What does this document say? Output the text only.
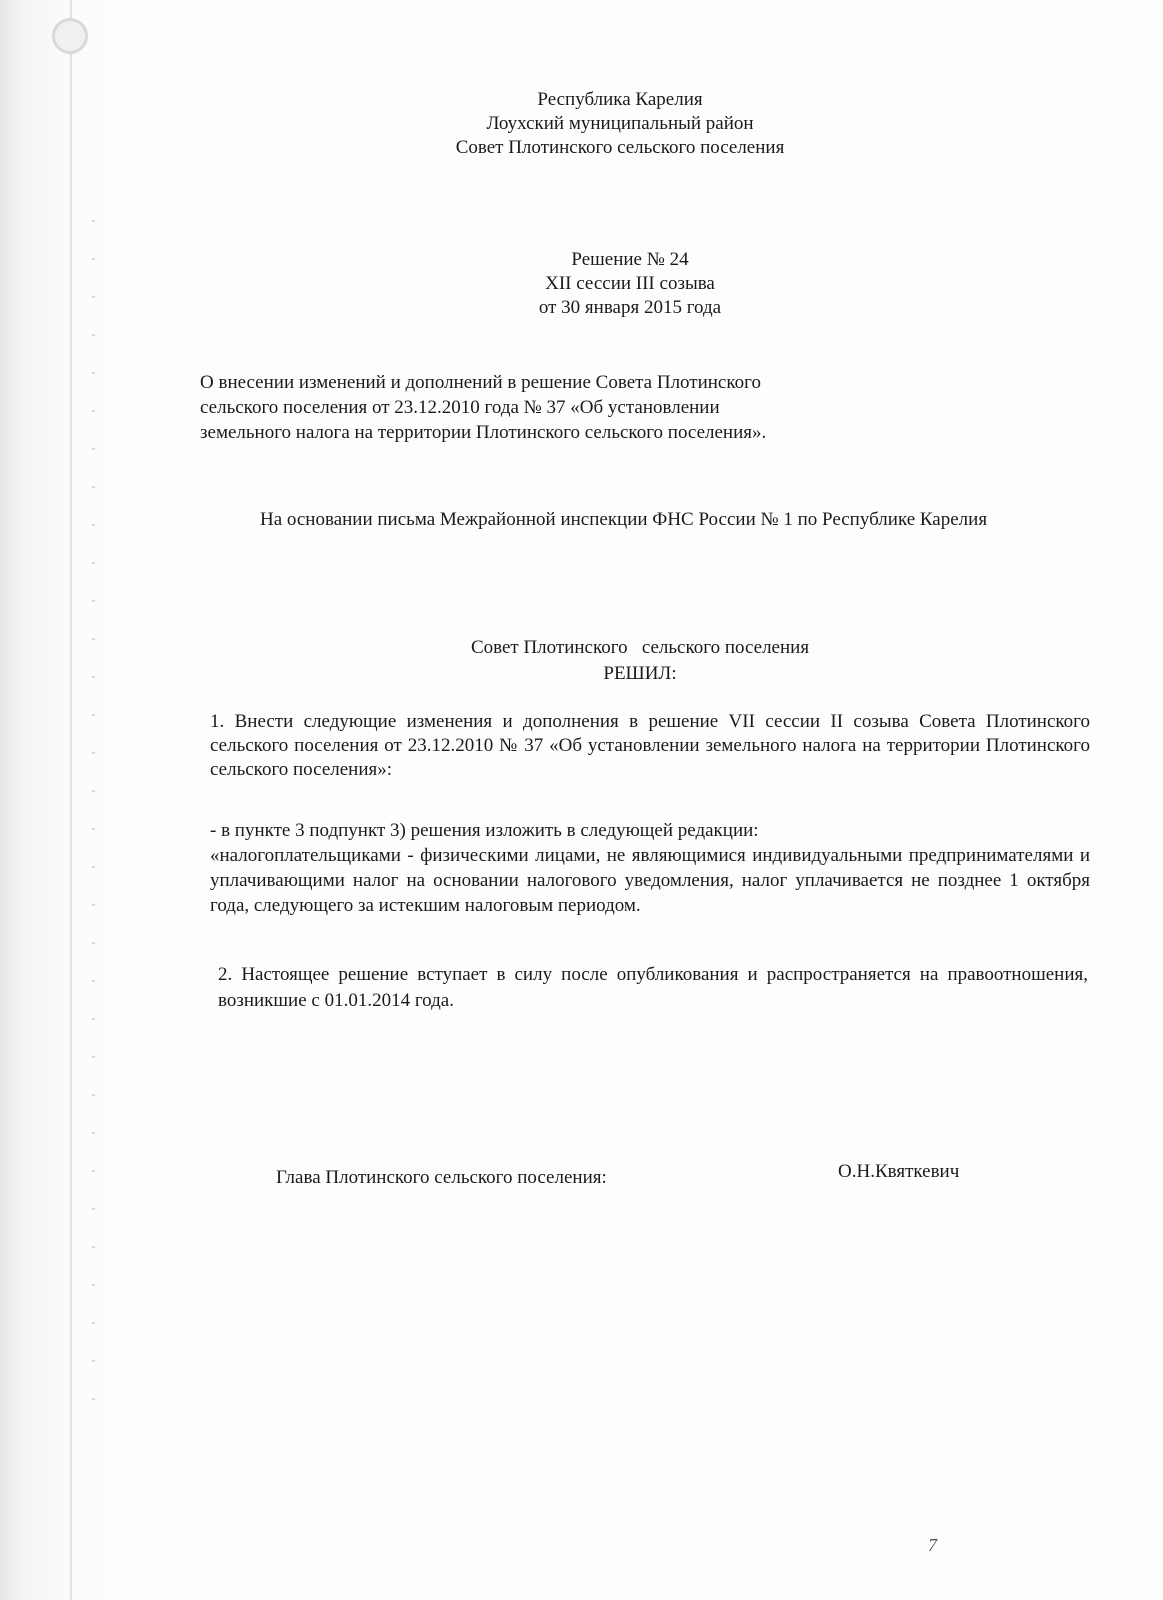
Республика Карелия

Лоухский муниципальный район

Совет Плотинского сельского поселения

Решение № 24

XII сессии III созыва

от 30 января 2015 года

О внесении изменений и дополнений в решение Совета Плотинского

сельского поселения от 23.12.2010 года № 37 «Об установлении

земельного налога на территории Плотинского сельского поселения».

На основании письма Межрайонной инспекции ФНС России № 1 по Республике Карелия

Совет Плотинского   сельского поселения

РЕШИЛ:

1. Внести следующие изменения и дополнения в решение VII сессии II созыва Совета Плотинского сельского поселения от 23.12.2010 № 37 «Об установлении земельного налога на территории Плотинского сельского поселения»:

- в пункте 3 подпункт 3) решения изложить в следующей редакции:

«налогоплательщиками - физическими лицами, не являющимися индивидуальными предпринимателями и уплачивающими налог на основании налогового уведомления, налог уплачивается не позднее 1 октября года, следующего за истекшим налоговым периодом.

2. Настоящее решение вступает в силу после опубликования и распространяется на правоотношения, возникшие с 01.01.2014 года.

Глава Плотинского сельского поселения:	О.Н.Квяткевич
7
